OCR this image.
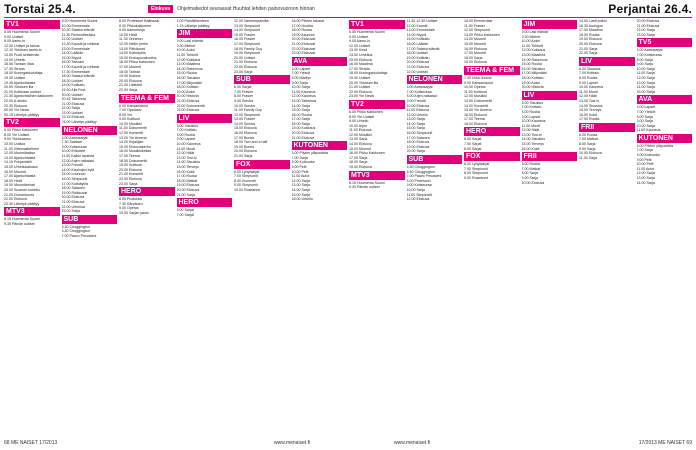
Torstai 25.4.	Elokuva	Ohjelmatiedot seuraavat Huuhtat lehden painovuoroon hinnan	Perjantai 26.4.
TV1
5.55 Huomenta Suomi
9.00 Uutiset
9.05 Aamu-tv
12.00 Uutiset ja talous
12.10 Ykkösen aamu-tv
13.00 Puoli seitsemän
14.00 Urheilu
16.55 Tanssin iltaa
17.30 Strada
18.00 Kuningaskuluttaja
19.30 Uutiset
19.45 Ajankohtaista
20.00 Ykkösen ilta
21.00 Kotimaan uutiset
21.30 Ajankohtainen kakkonen
22.00 A-studio
22.30 Elokuva
00.05 Yle News
00.15 Lähetys päättyy
TV2
6.00 Pikku Kakkonen
8.00 Yle Uutiset
9.00 Ykkösaamu
10.00 Uutisia
11.00 Viittomakielinen
12.05 Muumilaakso
13.00 Ajankohtaista
14.10 Pohjantähti
15.00 Urheilukatsaus
16.00 Muumit
17.00 Ajankohtaista
18.00 Heidi
19.00 Muumitarinat
20.00 Suomen kotietsi
21.00 Docventures
22.00 Elokuva
23.30 Lähetys päättyy
MTV3
6.15 Huomenta Suomi
9.30 Päivän uutiset
9.20 Huomenta Suomi
10.00 Emmerdale
10.30 Salatut elämät
11.30 Remonttireiska
12.00 Uutiset
12.30 Kauniit ja rohkeat
13.00 Emmerdale
14.00 Lääkäri
15.00 Myyrä
16.00 Tarinani
17.00 Kauniit ja rohkeat
17.30 Emmerdale
18.00 Salatut elämät
18.30 Uutiset
19.00 Kotikatu
19.30 Alla Fest
20.00 Uutiset
20.45 Talkshow
21.00 Elokuva
22.00 Sarja
23.00 Uutiset
23.15 Elokuva
01.00 Lähetys päättyy
NELONEN
6.00 Aamusarjat
7.30 Salaiset
9.00 Kotiseuraa
10.00 Erikoiset
11.00 Kaikki lapsista
12.00 Arjen ratkaisut
13.00 Frendit
14.00 Kauhujen kylä
15.00 Luunnon
16.00 Simpsonit
17.00 Kotinäytös
18.00 Satanen
19.00 Roikkuvat
20.00 Elokuva
21.00 Elokuva
22.00 Urheilua
23.00 Sarja
SUB
6.30 Chuggington
6.40 Chuggington
7.00 Paavo Pesusieni
8.00 Professori Balthazar
8.30 Pikkukakkonen
9.00 Aamurisuja
10.00 Heidi
11.30 Onneton
12.00 Nellin perhe
13.00 Päiväunet
14.00 Kotinäytös
15.00 Ensiapuvakuutus
16.00 Pikku Kakkonen
17.00 Muumit
18.00 Tarinat
19.00 Kotona
20.00 Elokuva
21.00 Lääkärit
22.00 Sarja
TEEMA & FEM
6.00 Kansanlaulut
7.00 Opetustv
8.00 Yle
9.00 Kulttuuri
10.00 Musiikki
11.00 Dokumentti
12.00 Konsertti
13.00 Yle Areena
14.00 Kirjailijan
15.00 Elokuvakerho
16.00 Musiikkikellari
17.00 Teema
18.00 Dokumentti
19.00 Kulttuuri
20.00 Elokuva
21.00 Konsertti
22.00 Elokuva
23.00 Sarja
HERO
6.00 Puolukka
7.30 Kärpänen
9.00 Opetus
10.00 Sarjan jakso
1.00 Pandiliikenteen
1.15 Lähetys päättyy
JIM
9.00 Lasi elämät
9.30 Miehet
10.00 Autot
11.00 Tohtorit
12.00 Kokkaus
13.00 Maailma
14.00 Rakennus
15.00 Ruoka
16.00 Sisustus
17.00 Miljonääri
18.00 Kotitalo
19.00 Autot
20.00 Historia
21.00 Elokuva
22.00 Dokumentti
23.00 Elokuva
LIV
6.00 Sisustus
7.00 Kotitalo
8.00 Ruoka
9.00 Lapset
10.00 Kauneus
11.00 Muoti
12.00 Häät
13.00 Tosi-tv
14.00 Sisustus
15.00 Terveys
16.00 Kokit
17.00 Ruoka
18.00 Matkat
19.00 Elokuva
20.00 Elokuva
21.00 Sarja
HERO
6.00 Sarjat
7.00 Sarjat
12.00 Vanhempainilta
13.00 Simpsonit
14.00 Simpsonit
15.00 Frasier
16.00 Frasier
17.00 Simpsonit
18.00 Family Guy
19.00 Simpsonit
20.00 Uutiset
21.00 Elokuva
22.00 Elokuva
23.00 Sarja
SUB
6.00 Sarjat
7.00 Frasier
8.00 Frasier
9.00 Scrubs
10.00 Scrubs
11.00 Family Guy
12.00 Simpsonit
13.00 Frasier
14.00 Scrubs
15.00 Elokuva
16.00 Elokuva
17.00 Bones
18.00 Two and a half
19.00 Bones
20.00 Elokuva
21.00 Sarja
FOX
6.00 Lyhytsarjat
7.00 Simpsonit
8.00 Kummeli
9.00 Simpsonit
10.00 Roseanne
16.00 Pilvien takana
17.00 Huuttia
18.00 Ruoka
19.00 Asunnot
20.00 Elokuvat
21.00 Elokuvat
22.00 Elokuvat
23.00 Elokuvat
AVA
6.00 Lapset
7.00 Yleisöt
8.00 Marilyn
9.00 Sarja
10.00 Sarja
11.00 Kauneus
12.00 Kauneus
13.00 Talkshow
14.00 Sarja
15.00 Sarja
16.00 Ruoka
17.00 Sarja
18.00 Sarja
19.00 Kokkaus
20.00 Elokuva
21.00 Elokuva
KUTONEN
6.00 Pilvien yläpuolella
7.00 Sarja
8.00 Kotiruoka
9.00 Pelit
10.00 Pelit
11.00 Autot
12.00 Sarja
13.00 Sarja
14.00 Sarja
15.00 Sarja
16.00 Urheilu
TV1
5.55 Huomenta Suomi
9.00 Uutiset
9.05 Aamu-tv
12.00 Uutiset
13.00 Kesä
14.00 Urheilua
15.00 Elokuva
16.00 Maailma
17.00 Strada
18.00 Kuningaskuluttaja
19.30 Uutiset
20.00 Ykkösen ilta
21.00 Uutiset
22.00 Elokuva
23.00 Yle News
TV2
6.00 Pikku Kakkonen
8.00 Yle Uutiset
9.00 Urheilu
10.00 Arjen
11.00 Elokuva
12.00 Musiikki
13.00 Sarja
14.00 Elokuva
15.00 Muumit
16.00 Pikku Kakkonen
17.00 Sarja
18.00 Sarja
19.00 Elokuva
MTV3
6.15 Huomenta Suomi
9.30 Päivän uutiset
11.30 12.30 Uutiset
12.00 Kauniit
13.00 Emmerdale
14.00 Myyrä
15.00 Kotikatu
16.00 Lääkäri
17.00 Salatut elämät
18.00 Uutiset
19.00 Kotikatu
20.00 Elokuva
21.00 Elokuva
22.00 Uutiset
NELONEN
6.00 Aamusarjat
7.00 Kotiseuraa
8.00 Arjen ratkaisut
9.00 Frendit
10.00 Elokuva
11.00 Elokuva
12.00 Urheilu
13.00 Sarja
14.00 Sarja
15.00 Sarja
16.00 Simpsonit
17.00 Satanen
18.00 Elokuva
19.00 Elokuva
20.00 Sarja
SUB
6.30 Chuggington
6.40 Chuggington
7.00 Paavo Pesusieni
8.00 Professori
9.00 Kotiseuraa
10.00 Sarja
11.00 Simpsonit
12.00 Elokuva
10.00 Emmerdale
11.00 Frasier
12.00 Simpsonit
13.00 Pikku Kakkonen
14.00 Muumit
15.00 Muumit
16.00 Elokuva
17.00 Muumit
18.00 Sarja
19.00 Elokuva
TEEMA & FEM
7.45 Ursa Juuma
9.00 Kansanlaulut
10.00 Opetus
11.00 Kulttuuri
12.00 Musiikki
13.00 Dokumentti
14.00 Konsertti
15.00 Yle Areena
16.00 Elokuva
17.00 Teema
18.00 Elokuva
HERO
6.00 Sarjat
7.00 Sarjat
8.00 Sarjat
FOX
6.00 Lyhytsarjat
7.00 Simpsonit
8.00 Simpsonit
9.00 Roseanne
JIM
9.00 Lasi elämät
9.30 Miehet
10.00 Autot
11.00 Tohtorit
12.00 Kokkaus
13.00 Maailma
14.00 Rakennus
15.00 Ruoka
16.00 Sisustus
17.00 Miljonääri
18.00 Kotitalo
19.00 Autot
20.00 Historia
LIV
6.00 Sisustus
7.00 Kotitalo
8.00 Ruoka
9.00 Lapset
10.00 Kauneus
11.00 Muoti
12.00 Häät
13.00 Tosi-tv
14.00 Sisustus
15.00 Terveys
16.00 Kokit
FRII
6.00 Ruoka
7.00 Matkat
8.00 Sarja
9.00 Sarja
10.00 Elokuva
14.00 Lasit pollisi
16.30 Auringon
17.00 Maailma
18.00 Ruoka
19.00 Elokuva
20.00 Elokuva
21.00 Sarja
22.00 Sarja
LIV
6.00 Sisustus
7.00 Kotitalo
8.00 Ruoka
9.00 Lapset
10.00 Kauneus
11.00 Muoti
12.00 Häät
13.00 Tosi-tv
14.00 Sisustus
15.00 Terveys
16.00 Kokit
17.00 Ruoka
FRII
6.00 Ruoka
7.00 Matkat
8.00 Sarja
9.00 Sarja
10.00 Elokuva
11.00 Sarja
20.00 Elokuva
21.00 Elokuva
22.00 Sarja
23.00 Sarja
TV5
6.00 Aamusarjat
7.00 Kotiseuraa
8.00 Sarja
9.00 Sarja
10.00 Sarja
11.00 Sarja
12.00 Sarja
13.00 Sarja
14.00 Sarja
15.00 Sarja
AVA
6.00 Lapset
7.00 Yleisöt
8.00 Sarja
9.00 Sarja
10.00 Sarja
11.00 Kauneus
KUTONEN
6.00 Pilvien yläpuolella
7.00 Sarja
8.00 Kotiruoka
9.00 Pelit
10.00 Pelit
11.00 Autot
12.00 Sarja
13.00 Sarja
14.00 Sarja
68 ME NAISET 17/2013	www.menaiset.fi	www.menaiset.fi	17/2013 ME NAISET 69
